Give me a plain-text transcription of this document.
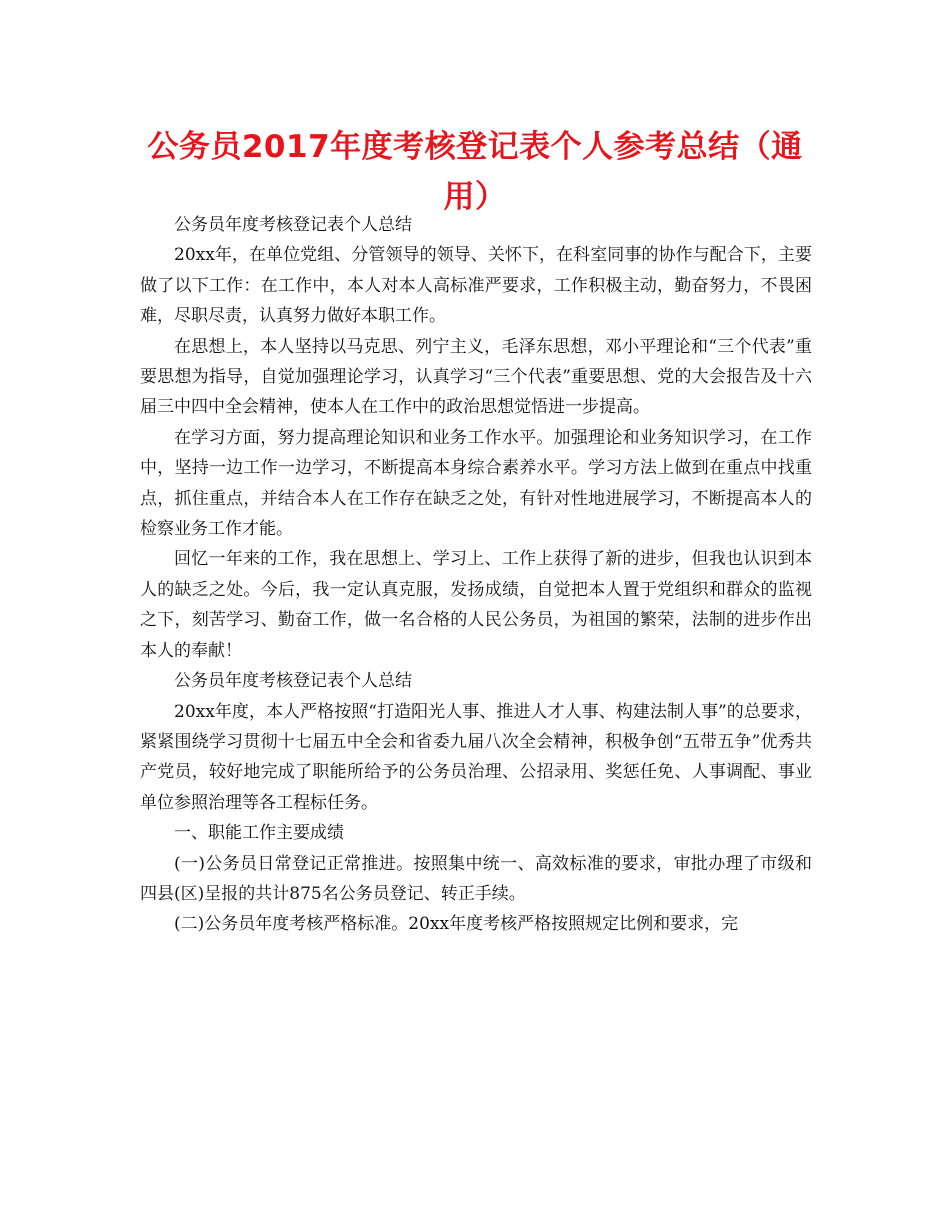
公务员2017年度考核登记表个人参考总结（通用）

公务员年度考核登记表个人总结

20xx年，在单位党组、分管领导的领导、关怀下，在科室同事的协作与配合下，主要做了以下工作：在工作中，本人对本人高标准严要求，工作积极主动，勤奋努力，不畏困难，尽职尽责，认真努力做好本职工作。

在思想上，本人坚持以马克思、列宁主义，毛泽东思想，邓小平理论和“三个代表”重要思想为指导，自觉加强理论学习，认真学习“三个代表”重要思想、党的大会报告及十六届三中四中全会精神，使本人在工作中的政治思想觉悟进一步提高。

在学习方面，努力提高理论知识和业务工作水平。加强理论和业务知识学习，在工作中，坚持一边工作一边学习，不断提高本身综合素养水平。学习方法上做到在重点中找重点，抓住重点，并结合本人在工作存在缺乏之处，有针对性地进展学习，不断提高本人的检察业务工作才能。

回忆一年来的工作，我在思想上、学习上、工作上获得了新的进步，但我也认识到本人的缺乏之处。今后，我一定认真克服，发扬成绩，自觉把本人置于党组织和群众的监视之下，刻苦学习、勤奋工作，做一名合格的人民公务员，为祖国的繁荣，法制的进步作出本人的奉献！

公务员年度考核登记表个人总结

20xx年度，本人严格按照“打造阳光人事、推进人才人事、构建法制人事”的总要求，紧紧围绕学习贯彻十七届五中全会和省委九届八次全会精神，积极争创“五带五争”优秀共产党员，较好地完成了职能所给予的公务员治理、公招录用、奖惩任免、人事调配、事业单位参照治理等各工程标任务。

一、职能工作主要成绩

(一)公务员日常登记正常推进。按照集中统一、高效标准的要求，审批办理了市级和四县(区)呈报的共计875名公务员登记、转正手续。

(二)公务员年度考核严格标准。20xx年度考核严格按照规定比例和要求，完
